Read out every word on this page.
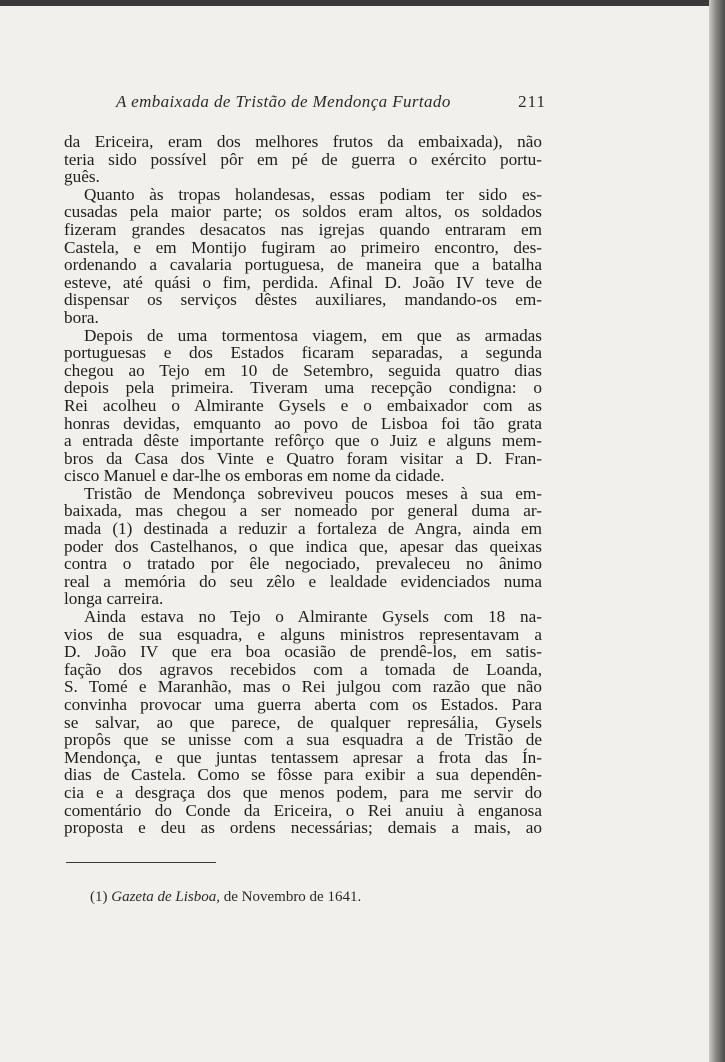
A embaixada de Tristão de Mendonça Furtado	211
da Ericeira, eram dos melhores frutos da embaixada), não
teria sido possível pôr em pé de guerra o exército portu-
guês.
Quanto às tropas holandesas, essas podiam ter sido es-
cusadas pela maior parte; os soldos eram altos, os soldados
fizeram grandes desacatos nas igrejas quando entraram em
Castela, e em Montijo fugiram ao primeiro encontro, des-
ordenando a cavalaria portuguesa, de maneira que a batalha
esteve, até quási o fim, perdida. Afinal D. João IV teve de
dispensar os serviços dêstes auxiliares, mandando-os em-
bora.
Depois de uma tormentosa viagem, em que as armadas
portuguesas e dos Estados ficaram separadas, a segunda
chegou ao Tejo em 10 de Setembro, seguida quatro dias
depois pela primeira. Tiveram uma recepção condigna: o
Rei acolheu o Almirante Gysels e o embaixador com as
honras devidas, emquanto ao povo de Lisboa foi tão grata
a entrada dêste importante refôrço que o Juiz e alguns mem-
bros da Casa dos Vinte e Quatro foram visitar a D. Fran-
cisco Manuel e dar-lhe os emboras em nome da cidade.
Tristão de Mendonça sobreviveu poucos meses à sua em-
baixada, mas chegou a ser nomeado por general duma ar-
mada (1) destinada a reduzir a fortaleza de Angra, ainda em
poder dos Castelhanos, o que indica que, apesar das queixas
contra o tratado por êle negociado, prevaleceu no ânimo
real a memória do seu zêlo e lealdade evidenciados numa
longa carreira.
Ainda estava no Tejo o Almirante Gysels com 18 na-
vios de sua esquadra, e alguns ministros representavam a
D. João IV que era boa ocasião de prendê-los, em satis-
fação dos agravos recebidos com a tomada de Loanda,
S. Tomé e Maranhão, mas o Rei julgou com razão que não
convinha provocar uma guerra aberta com os Estados. Para
se salvar, ao que parece, de qualquer represália, Gysels
propôs que se unisse com a sua esquadra a de Tristão de
Mendonça, e que juntas tentassem apresar a frota das Ín-
dias de Castela. Como se fôsse para exibir a sua dependên-
cia e a desgraça dos que menos podem, para me servir do
comentário do Conde da Ericeira, o Rei anuiu à enganosa
proposta e deu as ordens necessárias; demais a mais, ao
(1) Gazeta de Lisboa, de Novembro de 1641.
